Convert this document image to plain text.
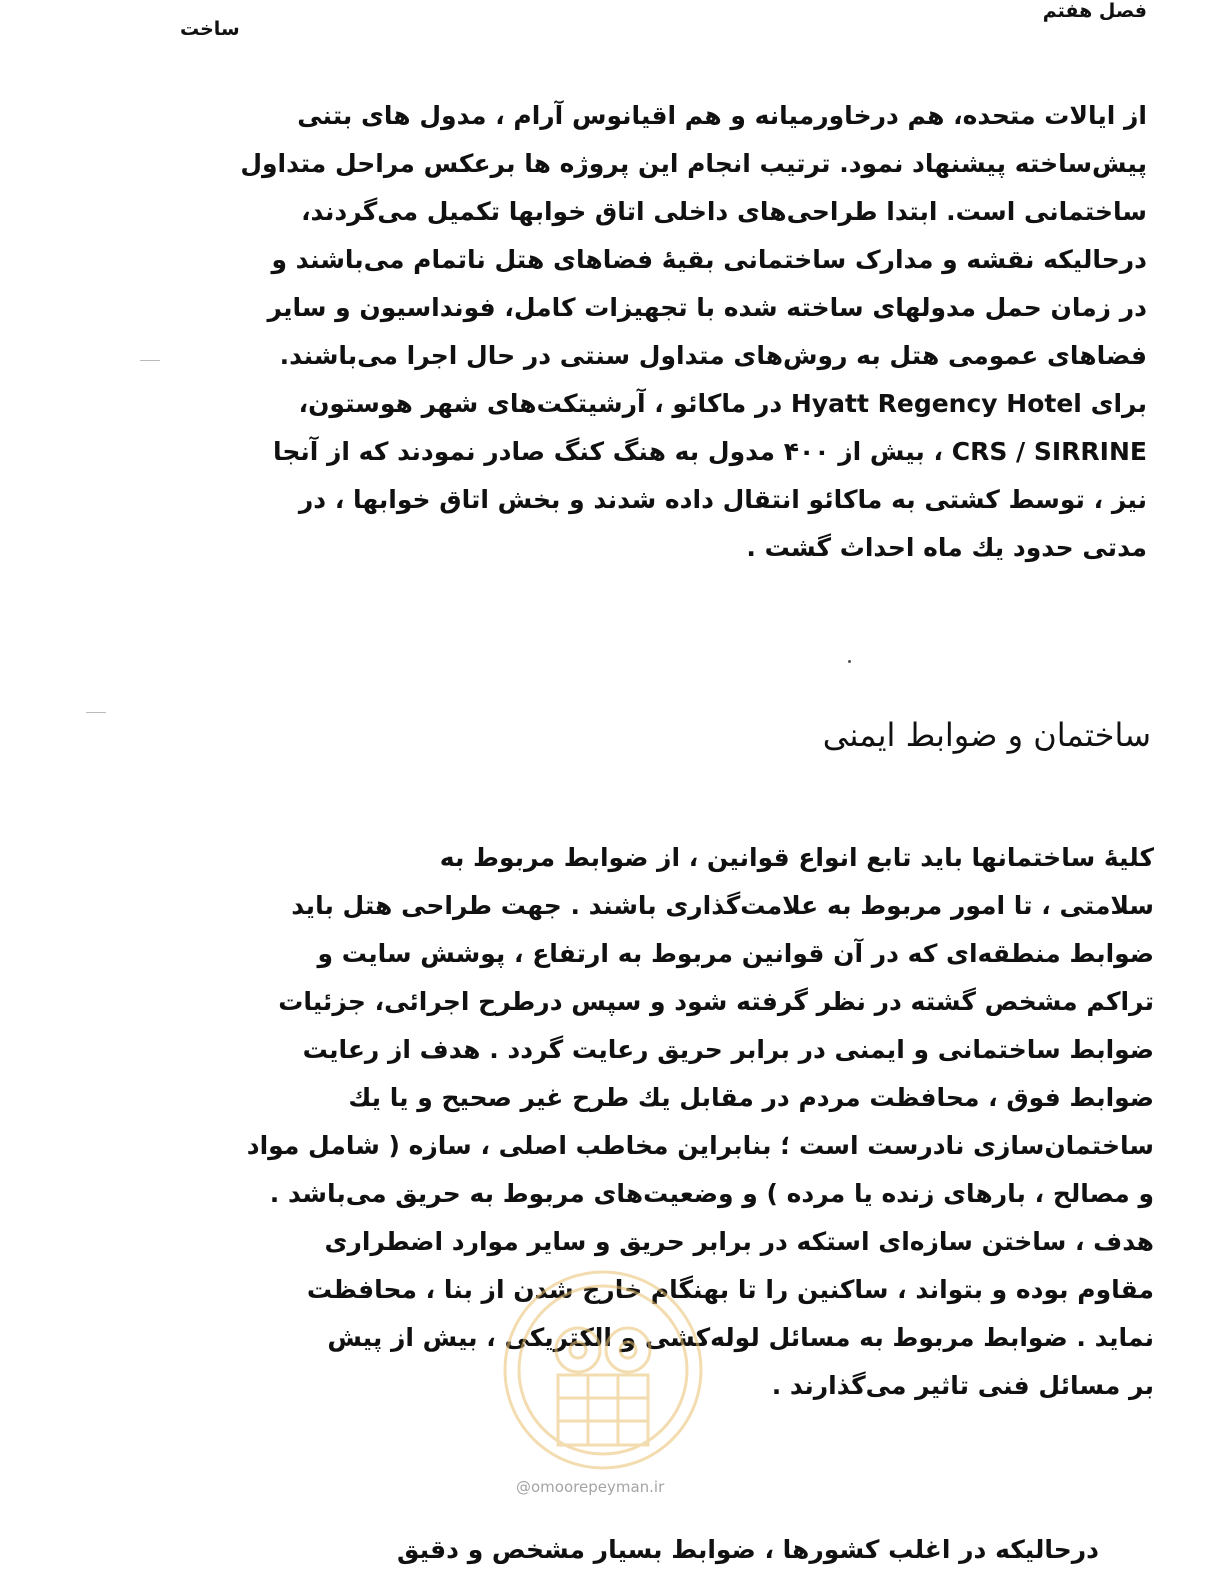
فصل هفتم
ساخت
از ایالات متحده، هم درخاورمیانه و هم اقیانوس آرام ، مدول های بتنی
پیش‌ساخته پیشنهاد نمود. ترتیب انجام این پروژه ها برعکس مراحل متداول
ساختمانی است. ابتدا طراحی‌های داخلی اتاق خوابها تکمیل می‌گردند،
درحالیکه نقشه و مدارک ساختمانی بقیهٔ فضاهای هتل ناتمام می‌باشند و
در زمان حمل مدولهای ساخته شده با تجهیزات کامل، فونداسیون و سایر
فضاهای عمومی هتل به روش‌های متداول سنتی در حال اجرا می‌باشند.
برای Hyatt Regency Hotel در ماکائو ، آرشیتکت‌های شهر هوستون،
CRS / SIRRINE ، بیش از ۴۰۰ مدول به هنگ کنگ صادر نمودند که از آنجا
نیز ، توسط کشتی به ماکائو انتقال داده شدند و بخش اتاق خوابها ، در
مدتی حدود یك ماه احداث گشت .
ساختمان و ضوابط ایمنی
کلیهٔ ساختمانها باید تابع انواع قوانین ، از ضوابط مربوط به
سلامتی ، تا امور مربوط به علامت‌گذاری باشند . جهت طراحی هتل باید
ضوابط منطقه‌ای که در آن قوانین مربوط به ارتفاع ، پوشش سایت و
تراکم مشخص گشته در نظر گرفته شود و سپس درطرح اجرائی، جزئیات
ضوابط ساختمانی و ایمنی در برابر حریق رعایت گردد . هدف از رعایت
ضوابط فوق ، محافظت مردم در مقابل یك طرح غیر صحیح و یا یك
ساختمان‌سازی نادرست است ؛ بنابراین مخاطب اصلی ، سازه ( شامل مواد
و مصالح ، بارهای زنده یا مرده ) و وضعیت‌های مربوط به حریق می‌باشد .
هدف ، ساختن سازه‌ای استکه در برابر حریق و سایر موارد اضطراری
مقاوم بوده و بتواند ، ساکنین را تا بهنگام خارج شدن از بنا ، محافظت
نماید . ضوابط مربوط به مسائل لوله‌کشی و الکتریکی ، بیش از پیش
بر مسائل فنی تاثیر می‌گذارند .
درحالیکه در اغلب کشورها ، ضوابط بسیار مشخص و دقیق
@omoorepeyman.ir
